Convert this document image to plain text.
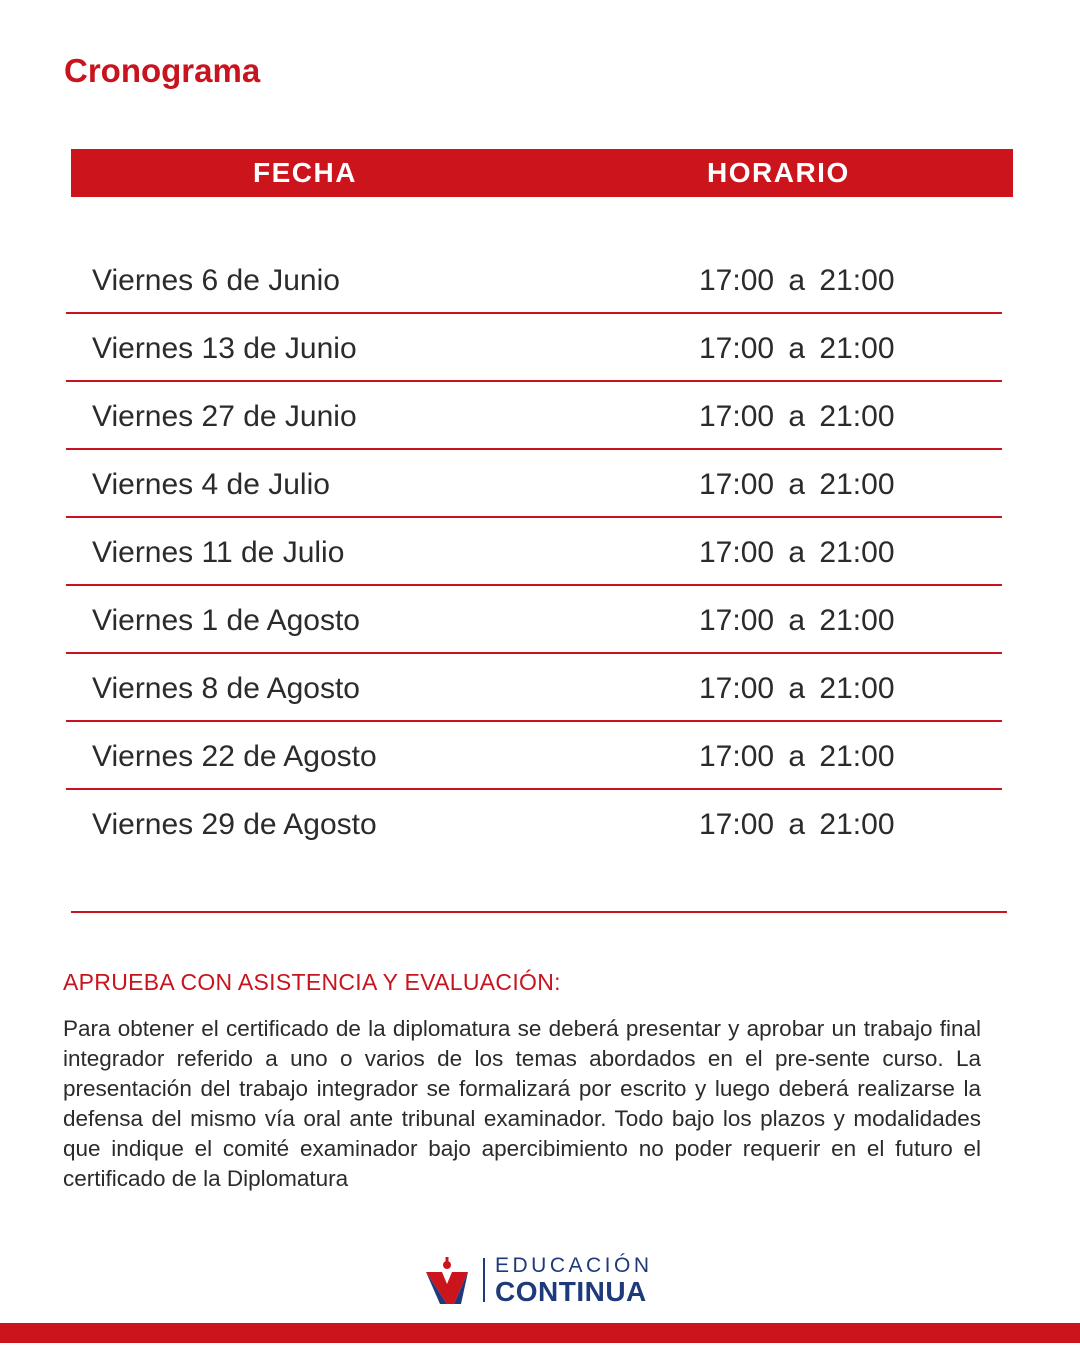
Cronograma
FECHA	HORARIO
Viernes 6 de Junio	17:00 a 21:00
Viernes 13 de Junio	17:00 a 21:00
Viernes 27 de Junio	17:00 a 21:00
Viernes 4 de Julio	17:00 a 21:00
Viernes 11 de Julio	17:00 a 21:00
Viernes 1 de Agosto	17:00 a 21:00
Viernes 8 de Agosto	17:00 a 21:00
Viernes 22 de Agosto	17:00 a 21:00
Viernes 29 de Agosto	17:00 a 21:00
APRUEBA CON ASISTENCIA Y EVALUACIÓN:

Para obtener el certificado de la diplomatura se deberá presentar y aprobar un trabajo final integrador referido a uno o varios de los temas abordados en el pre-sente curso. La presentación del trabajo integrador se formalizará por escrito y luego deberá realizarse la defensa del mismo vía oral ante tribunal examinador. Todo bajo los plazos y modalidades que indique el comité examinador bajo apercibimiento no poder requerir en el futuro el certificado de la Diplomatura

EDUCACIÓN
CONTINUA
